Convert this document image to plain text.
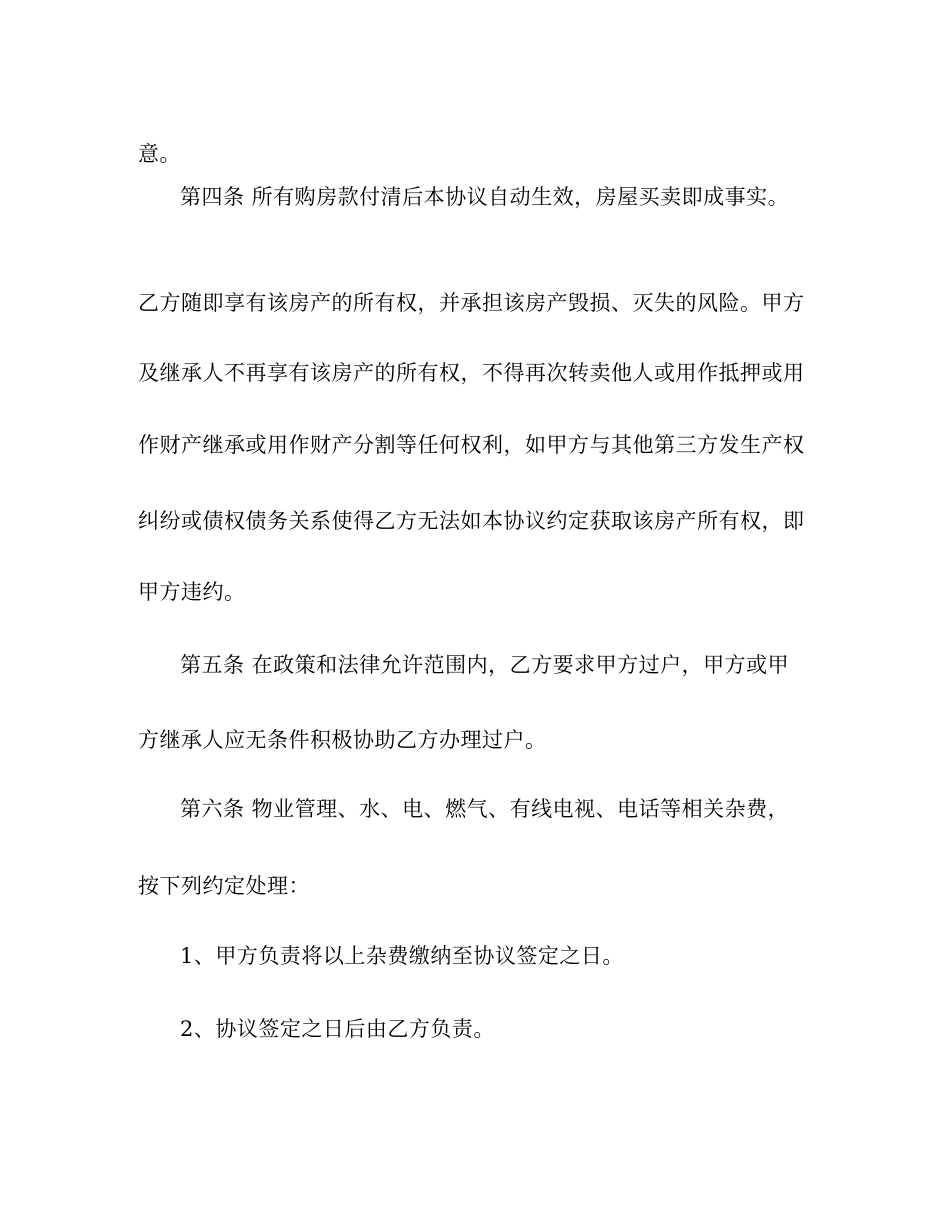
意。
第四条 所有购房款付清后本协议自动生效，房屋买卖即成事实。
乙方随即享有该房产的所有权，并承担该房产毁损、灭失的风险。甲方
及继承人不再享有该房产的所有权，不得再次转卖他人或用作抵押或用
作财产继承或用作财产分割等任何权利，如甲方与其他第三方发生产权
纠纷或债权债务关系使得乙方无法如本协议约定获取该房产所有权，即
甲方违约。
第五条 在政策和法律允许范围内，乙方要求甲方过户，甲方或甲
方继承人应无条件积极协助乙方办理过户。
第六条 物业管理、水、电、燃气、有线电视、电话等相关杂费，
按下列约定处理：
1、甲方负责将以上杂费缴纳至协议签定之日。
2、协议签定之日后由乙方负责。
